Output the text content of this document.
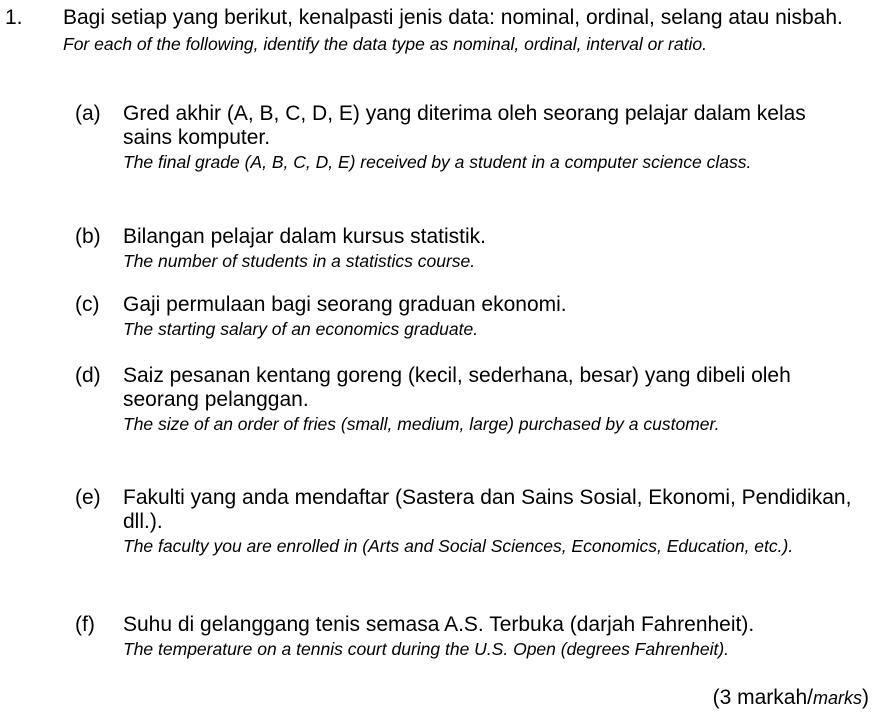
1. Bagi setiap yang berikut, kenalpasti jenis data: nominal, ordinal, selang atau nisbah.

For each of the following, identify the data type as nominal, ordinal, interval or ratio.

(a) Gred akhir (A, B, C, D, E) yang diterima oleh seorang pelajar dalam kelas sains komputer.

The final grade (A, B, C, D, E) received by a student in a computer science class.

(b) Bilangan pelajar dalam kursus statistik.

The number of students in a statistics course.

(c) Gaji permulaan bagi seorang graduan ekonomi.

The starting salary of an economics graduate.

(d) Saiz pesanan kentang goreng (kecil, sederhana, besar) yang dibeli oleh seorang pelanggan.

The size of an order of fries (small, medium, large) purchased by a customer.

(e) Fakulti yang anda mendaftar (Sastera dan Sains Sosial, Ekonomi, Pendidikan, dll.).

The faculty you are enrolled in (Arts and Social Sciences, Economics, Education, etc.).

(f) Suhu di gelanggang tenis semasa A.S. Terbuka (darjah Fahrenheit).

The temperature on a tennis court during the U.S. Open (degrees Fahrenheit).

(3 markah/marks)
